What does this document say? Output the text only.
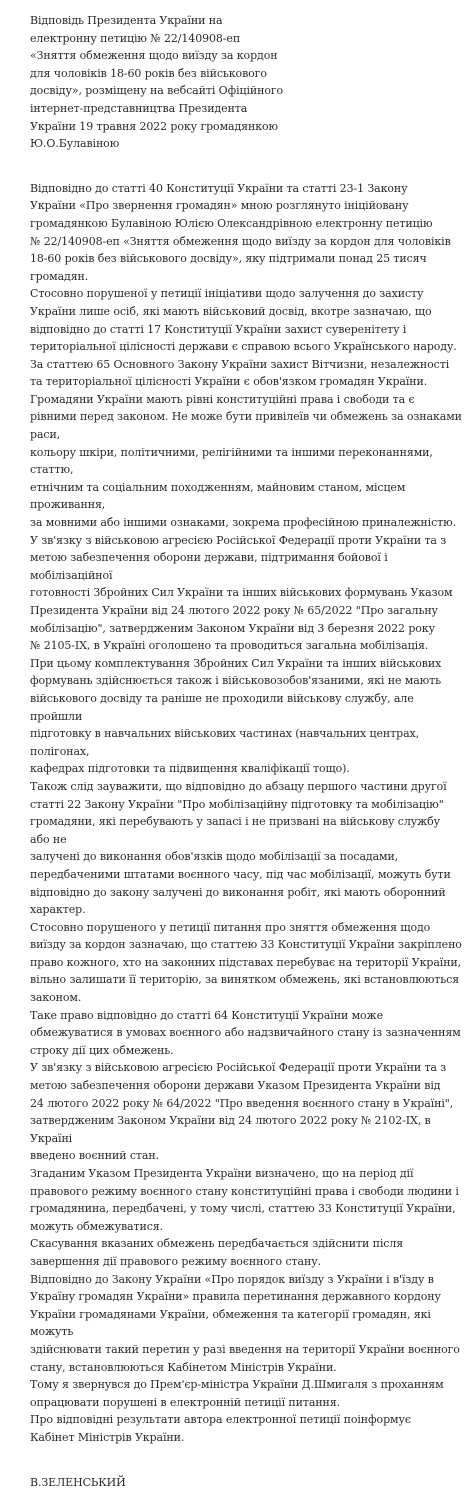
Відповідь Президента України на

електронну петицію № 22/140908-еп

«Зняття обмеження щодо виїзду за кордон

для чоловіків 18-60 років без військового

досвіду», розміщену на вебсайті Офіційного

інтернет-представництва Президента

України 19 травня 2022 року громадянкою

Ю.О.Булавіною

Відповідно до статті 40 Конституції України та статті 23-1 Закону

України «Про звернення громадян» мною розглянуто ініційовану

громадянкою Булавіною Юлією Олександрівною електронну петицію

№ 22/140908-еп «Зняття обмеження щодо виїзду за кордон для чоловіків

18-60 років без військового досвіду», яку підтримали понад 25 тисяч

громадян.

Стосовно порушеної у петиції ініціативи щодо залучення до захисту

України лише осіб, які мають військовий досвід, вкотре зазначаю, що

відповідно до статті 17 Конституції України захист суверенітету і

територіальної цілісності держави є справою всього Українського народу.

За статтею 65 Основного Закону України захист Вітчизни, незалежності

та територіальної цілісності України є обов'язком громадян України.

Громадяни України мають рівні конституційні права і свободи та є

рівними перед законом. Не може бути привілеїв чи обмежень за ознаками раси,

кольору шкіри, політичними, релігійними та іншими переконаннями, статтю,

етнічним та соціальним походженням, майновим станом, місцем проживання,

за мовними або іншими ознаками, зокрема професійною приналежністю.

У зв'язку з військовою агресією Російської Федерації проти України та з

метою забезпечення оборони держави, підтримання бойової і мобілізаційної

готовності Збройних Сил України та інших військових формувань Указом

Президента України від 24 лютого 2022 року № 65/2022 "Про загальну

мобілізацію", затвердженим Законом України від 3 березня 2022 року

№ 2105-IX, в Україні оголошено та проводиться загальна мобілізація.

При цьому комплектування Збройних Сил України та інших військових

формувань здійснюється також і військовозобов'язаними, які не мають

військового досвіду та раніше не проходили військову службу, але пройшли

підготовку в навчальних військових частинах (навчальних центрах, полігонах,

кафедрах підготовки та підвищення кваліфікації тощо).

Також слід зауважити, що відповідно до абзацу першого частини другої

статті 22 Закону України "Про мобілізаційну підготовку та мобілізацію"

громадяни, які перебувають у запасі і не призвані на військову службу або не

залучені до виконання обов'язків щодо мобілізації за посадами,

передбаченими штатами воєнного часу, під час мобілізації, можуть бути

відповідно до закону залучені до виконання робіт, які мають оборонний

характер.

Стосовно порушеного у петиції питання про зняття обмеження щодо

виїзду за кордон зазначаю, що статтею 33 Конституції України закріплено

право кожного, хто на законних підставах перебуває на території України,

вільно залишати її територію, за винятком обмежень, які встановлюються

законом.

Таке право відповідно до статті 64 Конституції України може

обмежуватися в умовах воєнного або надзвичайного стану із зазначенням

строку дії цих обмежень.

У зв'язку з військовою агресією Російської Федерації проти України та з

метою забезпечення оборони держави Указом Президента України від

24 лютого 2022 року № 64/2022 "Про введення воєнного стану в Україні",

затвердженим Законом України від 24 лютого 2022 року № 2102-IX, в Україні

введено воєнний стан.

Згаданим Указом Президента України визначено, що на період дії

правового режиму воєнного стану конституційні права і свободи людини і

громадянина, передбачені, у тому числі, статтею 33 Конституції України,

можуть обмежуватися.

Скасування вказаних обмежень передбачається здійснити після

завершення дії правового режиму воєнного стану.

Відповідно до Закону України «Про порядок виїзду з України і в'їзду в

Україну громадян України» правила перетинання державного кордону

України громадянами України, обмеження та категорії громадян, які можуть

здійснювати такий перетин у разі введення на території України воєнного

стану, встановлюються Кабінетом Міністрів України.

Тому я звернувся до Прем'єр-міністра України Д.Шмигаля з проханням

опрацювати порушені в електронній петиції питання.

Про відповідні результати автора електронної петиції поінформує

Кабінет Міністрів України.

В.ЗЕЛЕНСЬКИЙ
